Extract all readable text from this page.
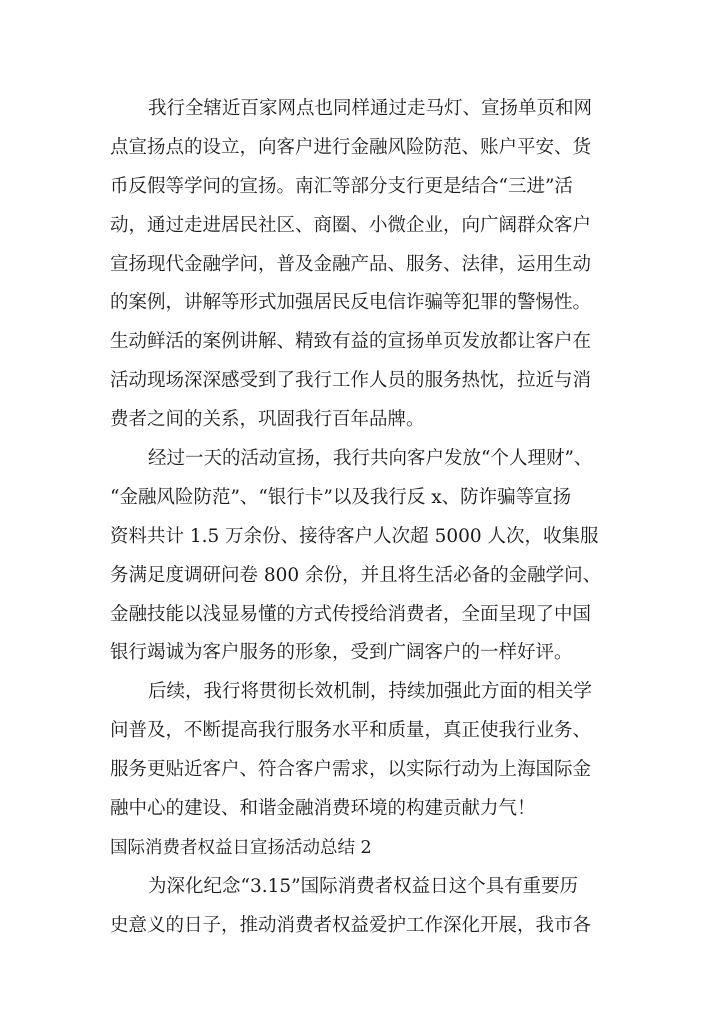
我行全辖近百家网点也同样通过走马灯、宣扬单页和网
点宣扬点的设立，向客户进行金融风险防范、账户平安、货
币反假等学问的宣扬。南汇等部分支行更是结合“三进”活
动，通过走进居民社区、商圈、小微企业，向广阔群众客户
宣扬现代金融学问，普及金融产品、服务、法律，运用生动
的案例，讲解等形式加强居民反电信诈骗等犯罪的警惕性。
生动鲜活的案例讲解、精致有益的宣扬单页发放都让客户在
活动现场深深感受到了我行工作人员的服务热忱，拉近与消
费者之间的关系，巩固我行百年品牌。
经过一天的活动宣扬，我行共向客户发放“个人理财”、
“金融风险防范”、“银行卡”以及我行反 x、防诈骗等宣扬
资料共计 1.5 万余份、接待客户人次超 5000 人次，收集服
务满足度调研问卷 800 余份，并且将生活必备的金融学问、
金融技能以浅显易懂的方式传授给消费者，全面呈现了中国
银行竭诚为客户服务的形象，受到广阔客户的一样好评。
后续，我行将贯彻长效机制，持续加强此方面的相关学
问普及，不断提高我行服务水平和质量，真正使我行业务、
服务更贴近客户、符合客户需求，以实际行动为上海国际金
融中心的建设、和谐金融消费环境的构建贡献力气！
国际消费者权益日宣扬活动总结 2
为深化纪念“3.15”国际消费者权益日这个具有重要历
史意义的日子，推动消费者权益爱护工作深化开展，我市各
